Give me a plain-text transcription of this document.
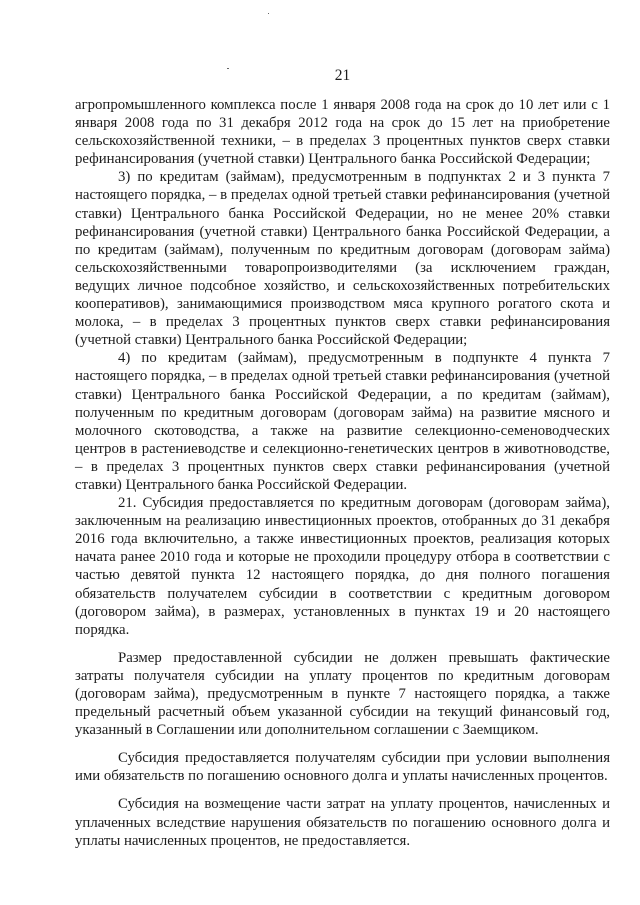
21

агропромышленного комплекса после 1 января 2008 года на срок до 10 лет или с 1 января 2008 года по 31 декабря 2012 года на срок до 15 лет на приобретение сельскохозяйственной техники, – в пределах 3 процентных пунктов сверх ставки рефинансирования (учетной ставки) Центрального банка Российской Федерации;

3) по кредитам (займам), предусмотренным в подпунктах 2 и 3 пункта 7 настоящего порядка, – в пределах одной третьей ставки рефинансирования (учетной ставки) Центрального банка Российской Федерации, но не менее 20% ставки рефинансирования (учетной ставки) Центрального банка Российской Федерации, а по кредитам (займам), полученным по кредитным договорам (договорам займа) сельскохозяйственными товаропроизводителями (за исключением граждан, ведущих личное подсобное хозяйство, и сельскохозяйственных потребительских кооперативов), занимающимися производством мяса крупного рогатого скота и молока, – в пределах 3 процентных пунктов сверх ставки рефинансирования (учетной ставки) Центрального банка Российской Федерации;

4) по кредитам (займам), предусмотренным в подпункте 4 пункта 7 настоящего порядка, – в пределах одной третьей ставки рефинансирования (учетной ставки) Центрального банка Российской Федерации, а по кредитам (займам), полученным по кредитным договорам (договорам займа) на развитие мясного и молочного скотоводства, а также на развитие селекционно-семеноводческих центров в растениеводстве и селекционно-генетических центров в животноводстве, – в пределах 3 процентных пунктов сверх ставки рефинансирования (учетной ставки) Центрального банка Российской Федерации.

21. Субсидия предоставляется по кредитным договорам (договорам займа), заключенным на реализацию инвестиционных проектов, отобранных до 31 декабря 2016 года включительно, а также инвестиционных проектов, реализация которых начата ранее 2010 года и которые не проходили процедуру отбора в соответствии с частью девятой пункта 12 настоящего порядка, до дня полного погашения обязательств получателем субсидии в соответствии с кредитным договором (договором займа), в размерах, установленных в пунктах 19 и 20 настоящего порядка.

Размер предоставленной субсидии не должен превышать фактические затраты получателя субсидии на уплату процентов по кредитным договорам (договорам займа), предусмотренным в пункте 7 настоящего порядка, а также предельный расчетный объем указанной субсидии на текущий финансовый год, указанный в Соглашении или дополнительном соглашении с Заемщиком.

Субсидия предоставляется получателям субсидии при условии выполнения ими обязательств по погашению основного долга и уплаты начисленных процентов.

Субсидия на возмещение части затрат на уплату процентов, начисленных и уплаченных вследствие нарушения обязательств по погашению основного долга и уплаты начисленных процентов, не предоставляется.
